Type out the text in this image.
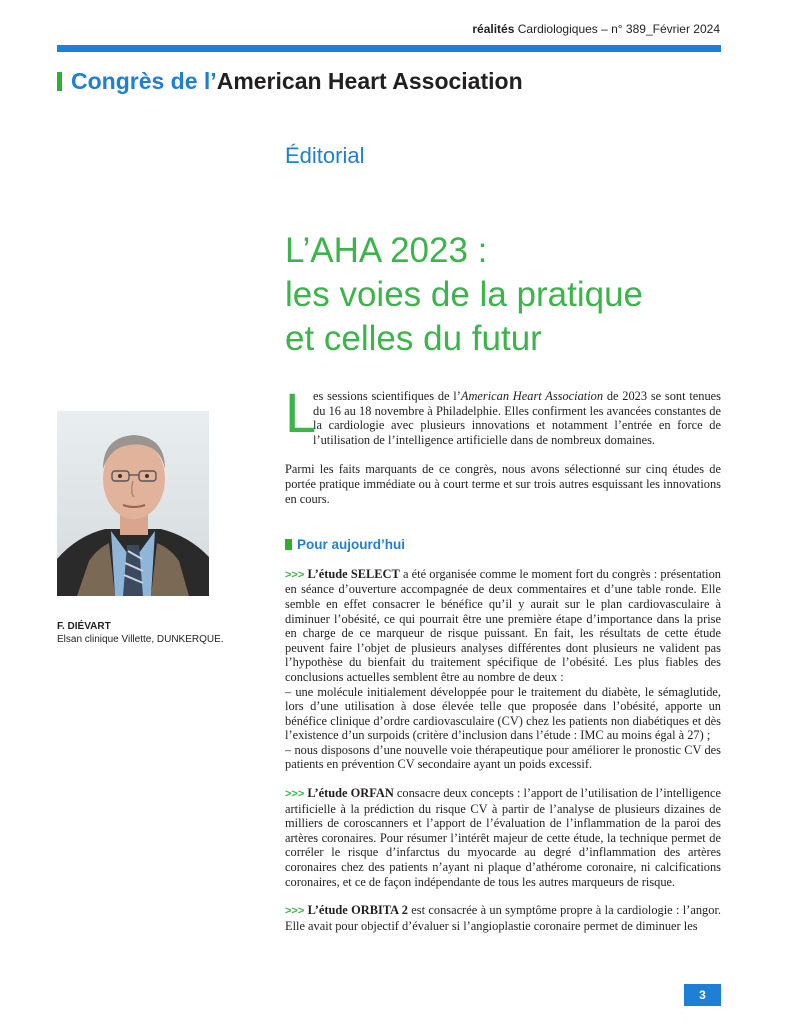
réalités Cardiologiques – n° 389_Février 2024
Congrès de l’American Heart Association
Éditorial
L’AHA 2023 :
les voies de la pratique
et celles du futur
F. DIÉVART
Elsan clinique Villette, DUNKERQUE.

L
es sessions scientifiques de l’American Heart Association de 2023 se sont tenues du 16 au 18 novembre à Philadelphie. Elles confirment les avancées constantes de la cardiologie avec plusieurs innovations et notamment l’entrée en force de l’utilisation de l’intelligence artificielle dans de nombreux domaines.

Parmi les faits marquants de ce congrès, nous avons sélectionné sur cinq études de portée pratique immédiate ou à court terme et sur trois autres esquissant les innovations en cours.

Pour aujourd’hui

>>> L’étude SELECT a été organisée comme le moment fort du congrès : présentation en séance d’ouverture accompagnée de deux commentaires et d’une table ronde. Elle semble en effet consacrer le bénéfice qu’il y aurait sur le plan cardiovasculaire à diminuer l’obésité, ce qui pourrait être une première étape d’importance dans la prise en charge de ce marqueur de risque puissant. En fait, les résultats de cette étude peuvent faire l’objet de plusieurs analyses différentes dont plusieurs ne valident pas l’hypothèse du bienfait du traitement spécifique de l’obésité. Les plus fiables des conclusions actuelles semblent être au nombre de deux :

– une molécule initialement développée pour le traitement du diabète, le sémaglutide, lors d’une utilisation à dose élevée telle que proposée dans l’obésité, apporte un bénéfice clinique d’ordre cardiovasculaire (CV) chez les patients non diabétiques et dès l’existence d’un surpoids (critère d’inclusion dans l’étude : IMC au moins égal à 27) ;

– nous disposons d’une nouvelle voie thérapeutique pour améliorer le pronostic CV des patients en prévention CV secondaire ayant un poids excessif.

>>> L’étude ORFAN consacre deux concepts : l’apport de l’utilisation de l’intelligence artificielle à la prédiction du risque CV à partir de l’analyse de plusieurs dizaines de milliers de coroscanners et l’apport de l’évaluation de l’inflammation de la paroi des artères coronaires. Pour résumer l’intérêt majeur de cette étude, la technique permet de corréler le risque d’infarctus du myocarde au degré d’inflammation des artères coronaires chez des patients n’ayant ni plaque d’athérome coronaire, ni calcifications coronaires, et ce de façon indépendante de tous les autres marqueurs de risque.

>>> L’étude ORBITA 2 est consacrée à un symptôme propre à la cardiologie : l’angor. Elle avait pour objectif d’évaluer si l’angioplastie coronaire permet de diminuer les

3
